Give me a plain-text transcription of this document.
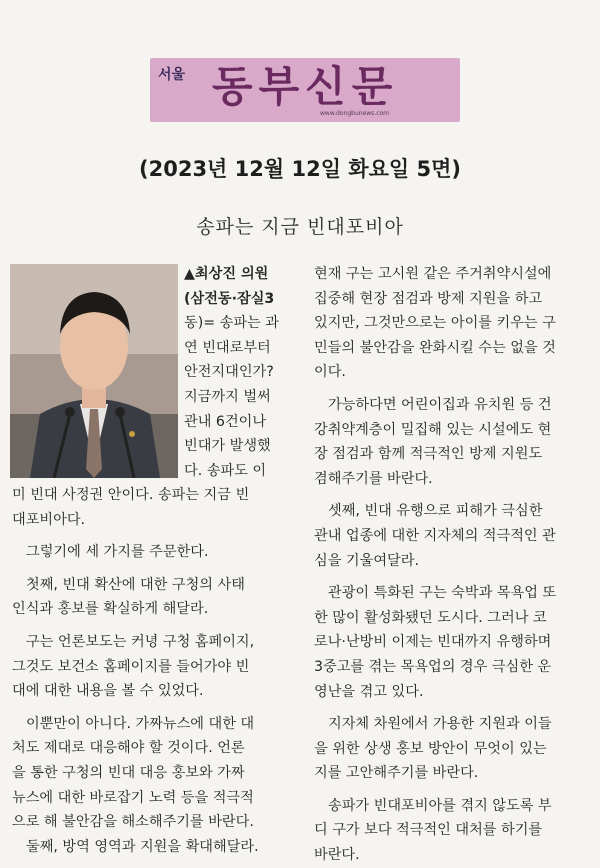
서울 동부신문
www.dongbunews.com
(2023년 12월 12일 화요일 5면)
송파는 지금 빈대포비아
▲최상진 의원
(삼전동·잠실3
동)= 송파는 과
연 빈대로부터
안전지대인가?
지금까지 벌써
관내 6건이나
빈대가 발생했
다. 송파도 이

미 빈대 사정권 안이다. 송파는 지금 빈
대포비아다.

그렇기에 세 가지를 주문한다.

첫째, 빈대 확산에 대한 구청의 사태
인식과 홍보를 확실하게 해달라.

구는 언론보도는 커녕 구청 홈페이지,
그것도 보건소 홈페이지를 들어가야 빈
대에 대한 내용을 볼 수 있었다.

이뿐만이 아니다. 가짜뉴스에 대한 대
처도 제대로 대응해야 할 것이다. 언론
을 통한 구청의 빈대 대응 홍보와 가짜
뉴스에 대한 바로잡기 노력 등을 적극적
으로 해 불안감을 해소해주기를 바란다.

둘째, 방역 영역과 지원을 확대해달라.

현재 구는 고시원 같은 주거취약시설에
집중해 현장 점검과 방제 지원을 하고
있지만, 그것만으로는 아이를 키우는 구
민들의 불안감을 완화시킬 수는 없을 것
이다.

가능하다면 어린이집과 유치원 등 건
강취약계층이 밀집해 있는 시설에도 현
장 점검과 함께 적극적인 방제 지원도
겸해주기를 바란다.

셋째, 빈대 유행으로 피해가 극심한
관내 업종에 대한 지자체의 적극적인 관
심을 기울여달라.

관광이 특화된 구는 숙박과 목욕업 또
한 많이 활성화됐던 도시다. 그러나 코
로나·난방비 이제는 빈대까지 유행하며
3중고를 겪는 목욕업의 경우 극심한 운
영난을 겪고 있다.

지자체 차원에서 가용한 지원과 이들
을 위한 상생 홍보 방안이 무엇이 있는
지를 고안해주기를 바란다.

송파가 빈대포비아를 겪지 않도록 부
디 구가 보다 적극적인 대처를 하기를
바란다.
